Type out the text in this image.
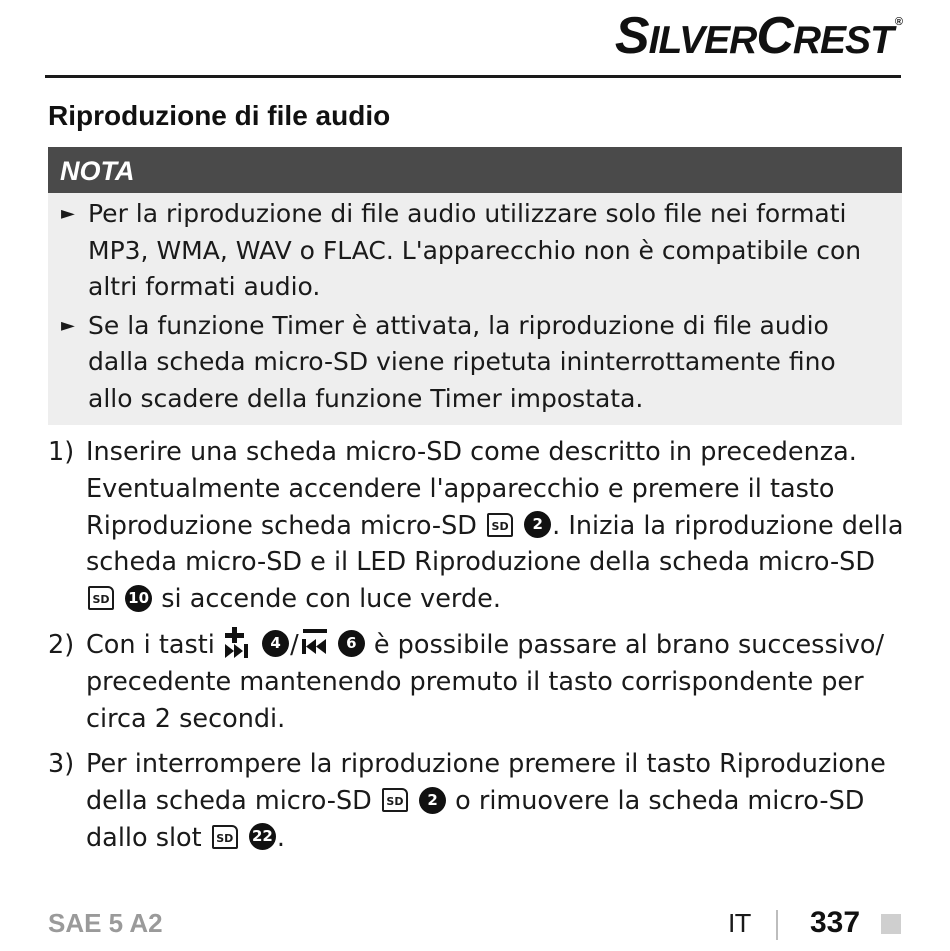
SILVERCREST ®
Riproduzione di file audio
NOTA
► Per la riproduzione di file audio utilizzare solo file nei formati MP3, WMA, WAV o FLAC. L'apparecchio non è compatibile con altri formati audio.
► Se la funzione Timer è attivata, la riproduzione di file audio dalla scheda micro-SD viene ripetuta ininterrottamente fino allo scadere della funzione Timer impostata.
1) Inserire una scheda micro-SD come descritto in precedenza. Eventualmente accendere l'apparecchio e premere il tasto Riproduzione scheda micro-SD SD 2 . Inizia la riproduzione della scheda micro-SD e il LED Riproduzione della scheda micro-SD SD 10 si accende con luce verde.
2) Con i tasti	4 /	6 è possibile passare al brano successivo/ precedente mantenendo premuto il tasto corrispondente per circa 2 secondi.
3) Per interrompere la riproduzione premere il tasto Riproduzione della scheda micro-SD SD 2 o rimuovere la scheda micro-SD dallo slot SD 22 .
SAE 5 A2	IT 337
